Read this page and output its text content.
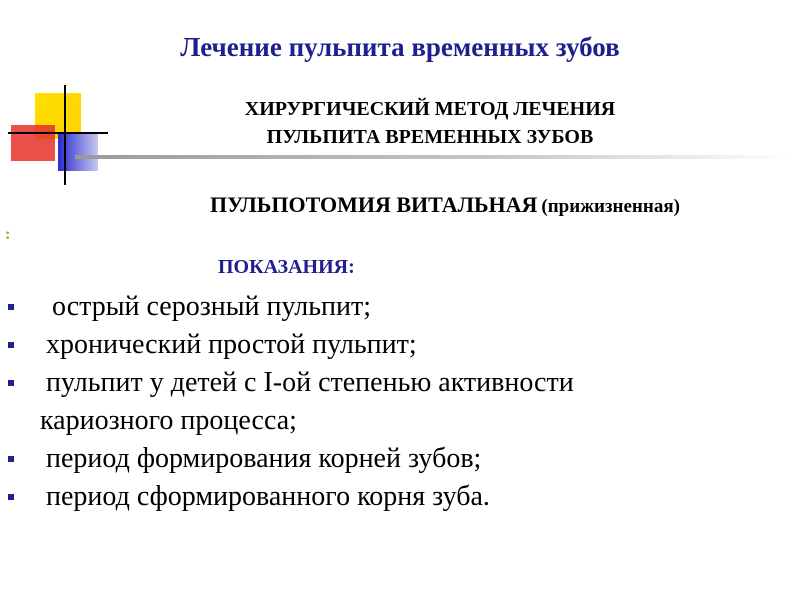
Лечение пульпита временных зубов
ХИРУРГИЧЕСКИЙ МЕТОД ЛЕЧЕНИЯ
ПУЛЬПИТА ВРЕМЕННЫХ ЗУБОВ
ПУЛЬПОТОМИЯ ВИТАЛЬНАЯ (прижизненная)
:
ПОКАЗАНИЯ:
острый серозный пульпит;
хронический простой пульпит;
пульпит у детей с I-ой степенью активности
кариозного процесса;
период формирования корней зубов;
период сформированного корня зуба.
